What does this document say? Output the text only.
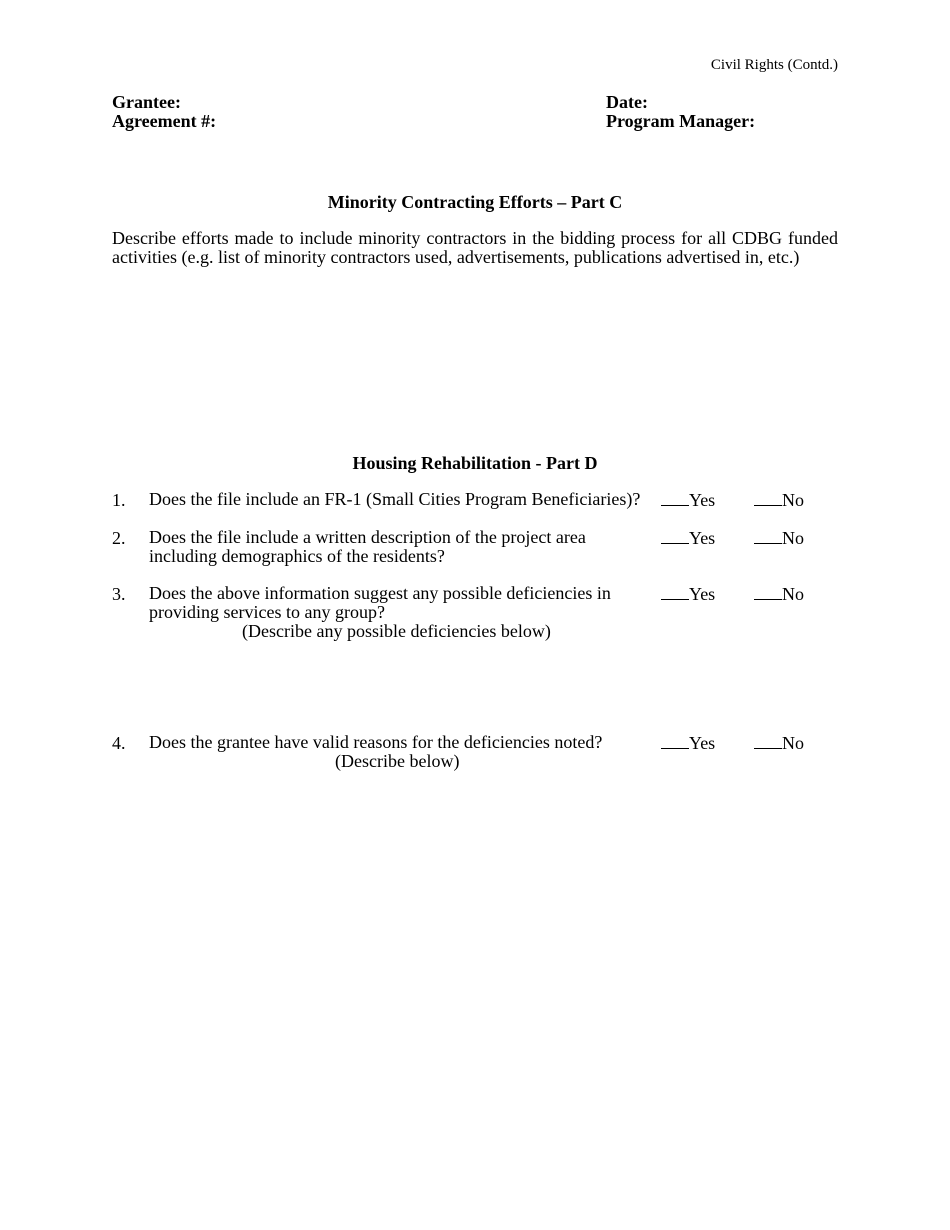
Civil Rights (Contd.)
Grantee:
Agreement #:
Date:
Program Manager:
Minority Contracting Efforts – Part C
Describe efforts made to include minority contractors in the bidding process for all CDBG funded activities (e.g. list of minority contractors used, advertisements, publications advertised in, etc.)
Housing Rehabilitation - Part D
1. Does the file include an FR-1 (Small Cities Program Beneficiaries)?	Yes	No
2. Does the file include a written description of the project area
including demographics of the residents?
Yes	No
3. Does the above information suggest any possible deficiencies in
providing services to any group?
(Describe any possible deficiencies below)
Yes	No
4. Does the grantee have valid reasons for the deficiencies noted?
(Describe below)
Yes	No
